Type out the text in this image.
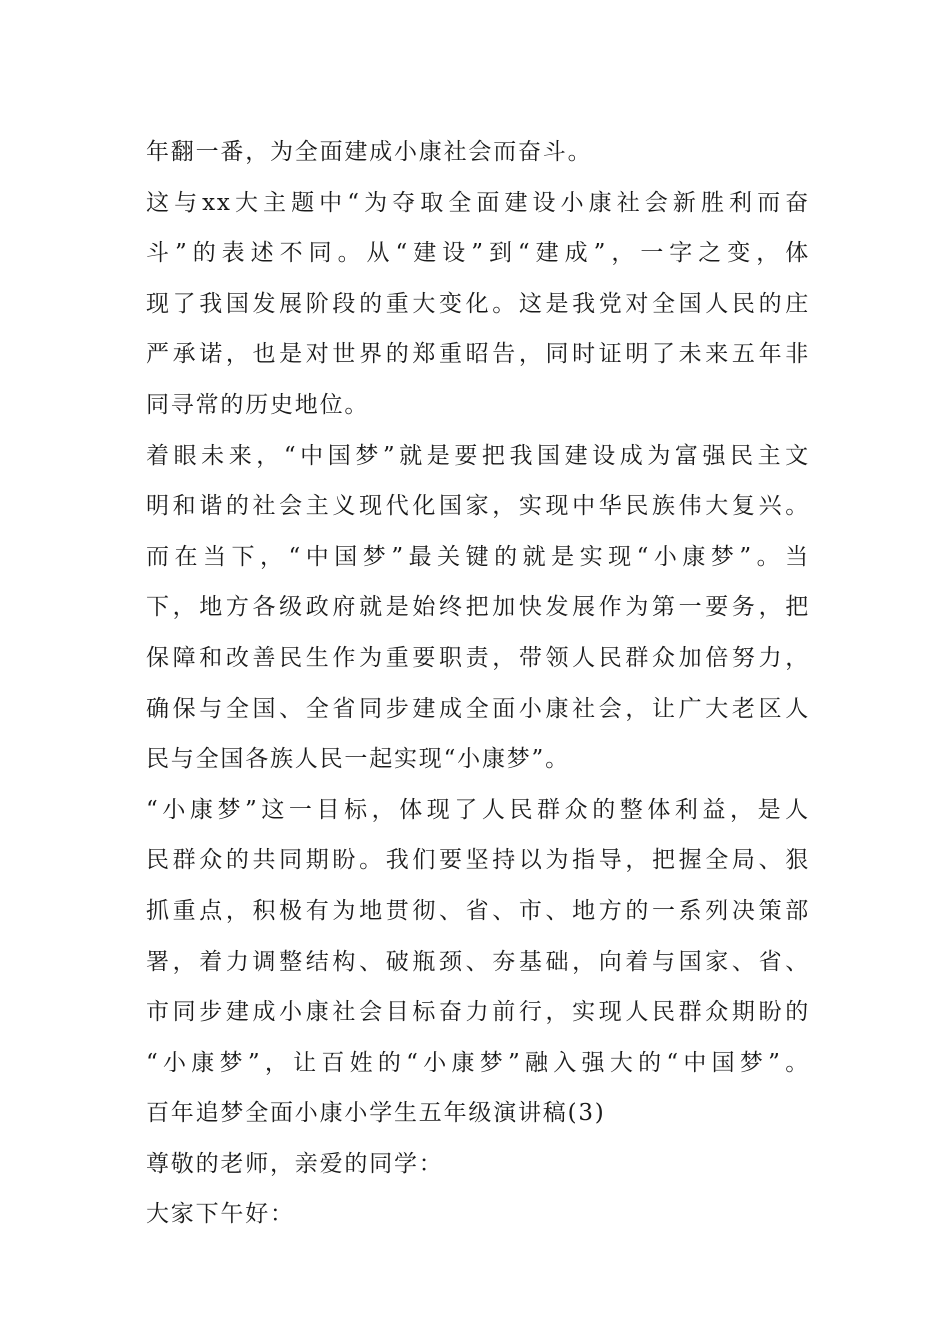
年翻一番，为全面建成小康社会而奋斗。
这与xx大主题中“为夺取全面建设小康社会新胜利而奋
斗”的表述不同。从“建设”到“建成”，一字之变，体
现了我国发展阶段的重大变化。这是我党对全国人民的庄
严承诺，也是对世界的郑重昭告，同时证明了未来五年非
同寻常的历史地位。
着眼未来，“中国梦”就是要把我国建设成为富强民主文
明和谐的社会主义现代化国家，实现中华民族伟大复兴。
而在当下，“中国梦”最关键的就是实现“小康梦”。当
下，地方各级政府就是始终把加快发展作为第一要务，把
保障和改善民生作为重要职责，带领人民群众加倍努力，
确保与全国、全省同步建成全面小康社会，让广大老区人
民与全国各族人民一起实现“小康梦”。
“小康梦”这一目标，体现了人民群众的整体利益，是人
民群众的共同期盼。我们要坚持以为指导，把握全局、狠
抓重点，积极有为地贯彻、省、市、地方的一系列决策部
署，着力调整结构、破瓶颈、夯基础，向着与国家、省、
市同步建成小康社会目标奋力前行，实现人民群众期盼的
“小康梦”，让百姓的“小康梦”融入强大的“中国梦”。
百年追梦全面小康小学生五年级演讲稿(3)
尊敬的老师，亲爱的同学：
大家下午好：
